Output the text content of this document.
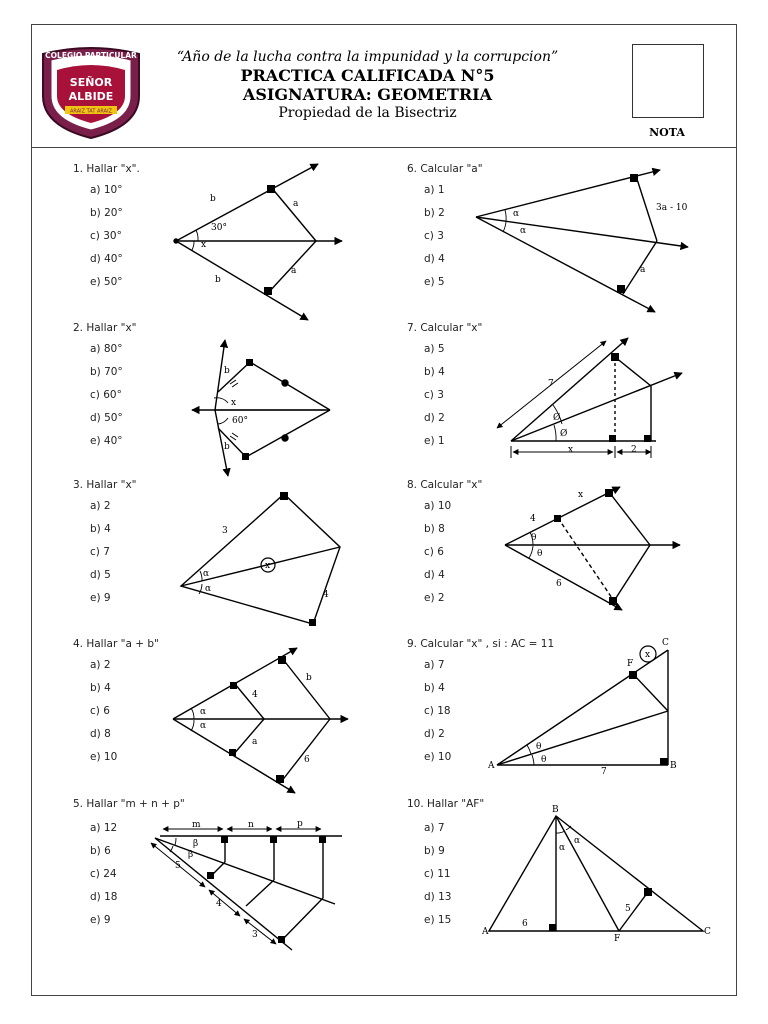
COLEGIO PARTICULAR
SEÑOR
ALBIDE
ARAIZ TAT ARAIZ
“Año de la lucha contra la impunidad y la corrupcion”
PRACTICA CALIFICADA N°5
ASIGNATURA: GEOMETRIA
Propiedad de la Bisectriz
NOTA
1. Hallar "x".
a) 10°
b) 20°
c) 30°
d) 40°
e) 50°
2. Hallar "x"
a) 80°
b) 70°
c) 60°
d) 50°
e) 40°
3. Hallar "x"
a) 2
b) 4
c) 7
d) 5
e) 9
4. Hallar "a + b"
a) 2
b) 4
c) 6
d) 8
e) 10
5. Hallar "m + n + p"
a) 12
b) 6
c) 24
d) 18
e) 9
6. Calcular "a"
a) 1
b) 2
c) 3
d) 4
e) 5
7. Calcular "x"
a) 5
b) 4
c) 3
d) 2
e) 1
8. Calcular "x"
a) 10
b) 8
c) 6
d) 4
e) 2
9. Calcular "x" , si : AC = 11
a) 7
b) 4
c) 18
d) 2
e) 10
10. Hallar "AF"
a) 7
b) 9
c) 11
d) 13
e) 15
b	a
30°
x
a
b
b
x
60°
b
3
x
α
α
4
b
4
α
α
a
6
m	n	p
β
β
5
4
3
3a - 10
α
α
a
7
Ø
Ø
x	2
x
4
θ
θ
6
C
F
x
θ
θ
A	B
7
B
α
α
5
6
A
F
C
